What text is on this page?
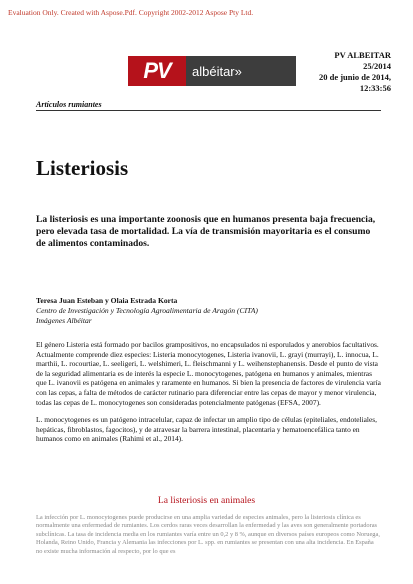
Evaluation Only. Created with Aspose.Pdf. Copyright 2002-2012 Aspose Pty Ltd.
PV	albéitar»
PV ALBEITAR
25/2014
20 de junio de 2014,
12:33:56
Artículos rumiantes
Listeriosis
La listeriosis es una importante zoonosis que en humanos presenta baja frecuencia, pero elevada tasa de mortalidad. La vía de transmisión mayoritaria es el consumo de alimentos contaminados.
Teresa Juan Esteban y Olaia Estrada Korta
Centro de Investigación y Tecnología Agroalimentaria de Aragón (CITA)
Imágenes Albéitar

El género Listeria está formado por bacilos grampositivos, no encapsulados ni esporulados y anerobios facultativos. Actualmente comprende diez especies: Listeria monocytogenes, Listeria ivanovii, L. grayi (murrayi), L. innocua, L. marthii, L. rocourtiae, L. seeligeri, L. welshimeri, L. fleischmanni y L. weihenstephanensis. Desde el punto de vista de la seguridad alimentaria es de interés la especie L. monocytogenes, patógena en humanos y animales, mientras que L. ivanovii es patógena en animales y raramente en humanos. Si bien la presencia de factores de virulencia varía con las cepas, a falta de métodos de carácter rutinario para diferenciar entre las cepas de mayor y menor virulencia, todas las cepas de L. monocytogenes son consideradas potencialmente patógenas (EFSA, 2007).

L. monocytogenes es un patógeno intracelular, capaz de infectar un amplio tipo de células (epiteliales, endoteliales, hepáticas, fibroblastos, fagocitos), y de atravesar la barrera intestinal, placentaria y hematoencefálica tanto en humanos como en animales (Rahimi et al., 2014).

La listeriosis en animales
La infección por L. monocytogenes puede producirse en una amplia variedad de especies animales, pero la listeriosis clínica es normalmente una enfermedad de rumiantes. Los cerdos raras veces desarrollan la enfermedad y las aves son generalmente portadoras subclínicas. La tasa de incidencia media en los rumiantes varía entre un 0,2 y 8 %, aunque en diversos países europeos como Noruega, Holanda, Reino Unido, Francia y Alemania las infecciones por L. spp. en rumiantes se presentan con una alta incidencia. En España no existe mucha información al respecto, por lo que es
